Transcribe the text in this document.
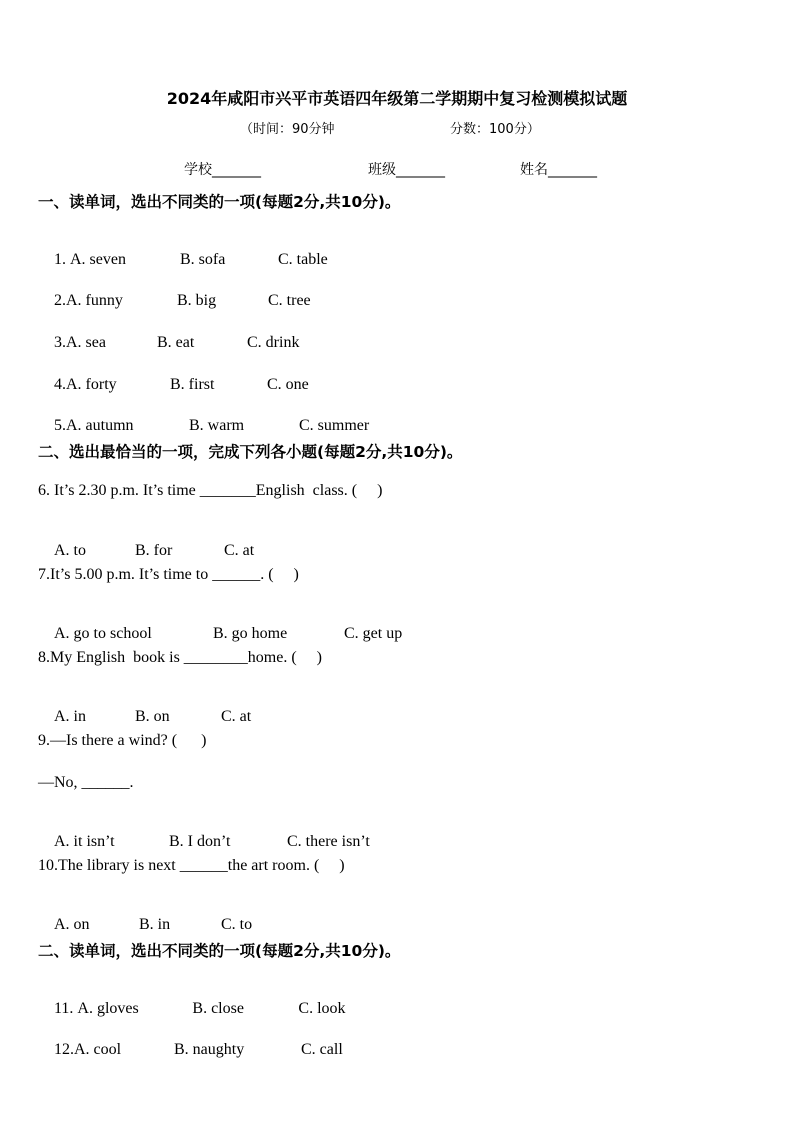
2024年咸阳市兴平市英语四年级第二学期期中复习检测模拟试题
（时间：90分钟	分数：100分）
学校_______	班级_______	姓名_______
一、读单词，选出不同类的一项(每题2分,共10分)。

1. A. seven	B. sofa	C. table

2.A. funny	B. big	C. tree

3.A. sea	B. eat	C. drink

4.A. forty	B. first	C. one

5.A. autumn	B. warm	C. summer

二、选出最恰当的一项，完成下列各小题(每题2分,共10分)。
6. It’s 2.30 p.m. It’s time _______English  class. (     )

A. to	B. for	C. at

7.It’s 5.00 p.m. It’s time to ______. (     )

A. go to school	B. go home	C. get up

8.My English  book is ________home. (     )

A. in	B. on	C. at

9.—Is there a wind? (      )
—No, ______.

A. it isn’t	B. I don’t	C. there isn’t

10.The library is next ______the art room. (     )

A. on	B. in	C. to

二、读单词，选出不同类的一项(每题2分,共10分)。

11. A. gloves	B. close	C. look

12.A. cool	B. naughty	C. call
